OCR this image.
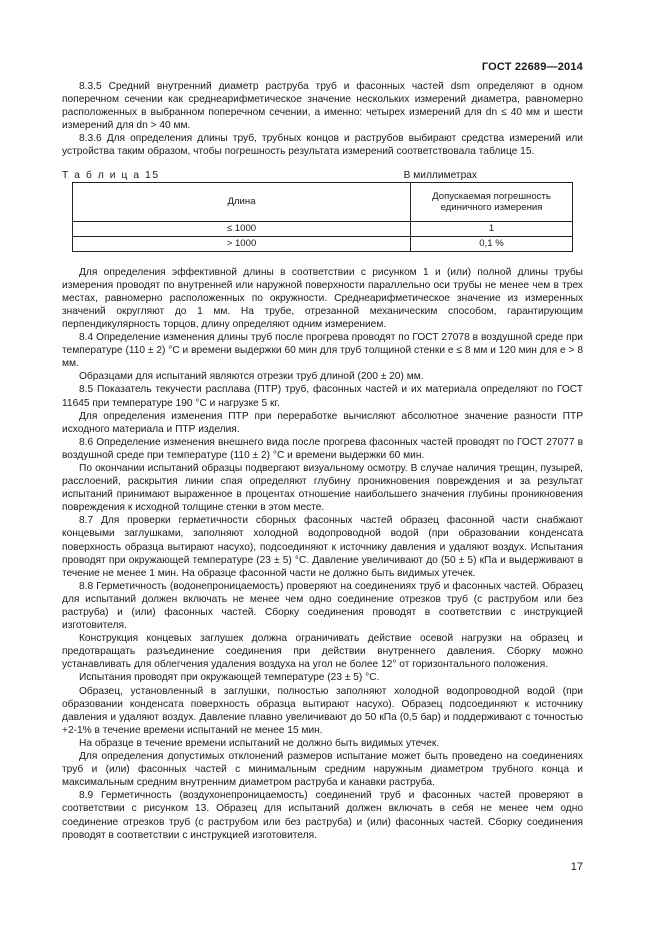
ГОСТ 22689—2014

8.3.5 Средний внутренний диаметр раструба труб и фасонных частей dsm определяют в одном поперечном сечении как среднеарифметическое значение нескольких измерений диаметра, равномерно расположенных в выбранном поперечном сечении, а именно: четырех измерений для dn ≤ 40 мм и шести измерений для dn > 40 мм.

8.3.6 Для определения длины труб, трубных концов и раструбов выбирают средства измерений или устройства таким образом, чтобы погрешность результата измерений соответствовала таблице 15.

Т а б л и ц а 15	В миллиметрах
Длина	Допускаемая погрешность единичного измерения
≤ 1000	1
> 1000	0,1 %

Для определения эффективной длины в соответствии с рисунком 1 и (или) полной длины трубы измерения проводят по внутренней или наружной поверхности параллельно оси трубы не менее чем в трех местах, равномерно расположенных по окружности. Среднеарифметическое значение из измеренных значений округляют до 1 мм. На трубе, отрезанной механическим способом, гарантирующим перпендикулярность торцов, длину определяют одним измерением.

8.4 Определение изменения длины труб после прогрева проводят по ГОСТ 27078 в воздушной среде при температуре (110 ± 2) °С и времени выдержки 60 мин для труб толщиной стенки е ≤ 8 мм и 120 мин для е > 8 мм.

Образцами для испытаний являются отрезки труб длиной (200 ± 20) мм.

8.5 Показатель текучести расплава (ПТР) труб, фасонных частей и их материала определяют по ГОСТ 11645 при температуре 190 °С и нагрузке 5 кг.

Для определения изменения ПТР при переработке вычисляют абсолютное значение разности ПТР исходного материала и ПТР изделия.

8.6 Определение изменения внешнего вида после прогрева фасонных частей проводят по ГОСТ 27077 в воздушной среде при температуре (110 ± 2) °С и времени выдержки 60 мин.

По окончании испытаний образцы подвергают визуальному осмотру. В случае наличия трещин, пузырей, расслоений, раскрытия линии спая определяют глубину проникновения повреждения и за результат испытаний принимают выраженное в процентах отношение наибольшего значения глубины проникновения повреждения к исходной толщине стенки в этом месте.

8.7 Для проверки герметичности сборных фасонных частей образец фасонной части снабжают концевыми заглушками, заполняют холодной водопроводной водой (при образовании конденсата поверхность образца вытирают насухо), подсоединяют к источнику давления и удаляют воздух. Испытания проводят при окружающей температуре (23 ± 5) °С. Давление увеличивают до (50 ± 5) кПа и выдерживают в течение не менее 1 мин. На образце фасонной части не должно быть видимых утечек.

8.8 Герметичность (водонепроницаемость) проверяют на соединениях труб и фасонных частей. Образец для испытаний должен включать не менее чем одно соединение отрезков труб (с раструбом или без раструба) и (или) фасонных частей. Сборку соединения проводят в соответствии с инструкцией изготовителя.

Конструкция концевых заглушек должна ограничивать действие осевой нагрузки на образец и предотвращать разъединение соединения при действии внутреннего давления. Сборку можно устанавливать для облегчения удаления воздуха на угол не более 12° от горизонтального положения.

Испытания проводят при окружающей температуре (23 ± 5) °С.

Образец, установленный в заглушки, полностью заполняют холодной водопроводной водой (при образовании конденсата поверхность образца вытирают насухо). Образец подсоединяют к источнику давления и удаляют воздух. Давление плавно увеличивают до 50 кПа (0,5 бар) и поддерживают с точностью +2-1% в течение времени испытаний не менее 15 мин.

На образце в течение времени испытаний не должно быть видимых утечек.

Для определения допустимых отклонений размеров испытание может быть проведено на соединениях труб и (или) фасонных частей с минимальным средним наружным диаметром трубного конца и максимальным средним внутренним диаметром раструба и канавки раструба.

8.9 Герметичность (воздухонепроницаемость) соединений труб и фасонных частей проверяют в соответствии с рисунком 13. Образец для испытаний должен включать в себя не менее чем одно соединение отрезков труб (с раструбом или без раструба) и (или) фасонных частей. Сборку соединения проводят в соответствии с инструкцией изготовителя.

17
